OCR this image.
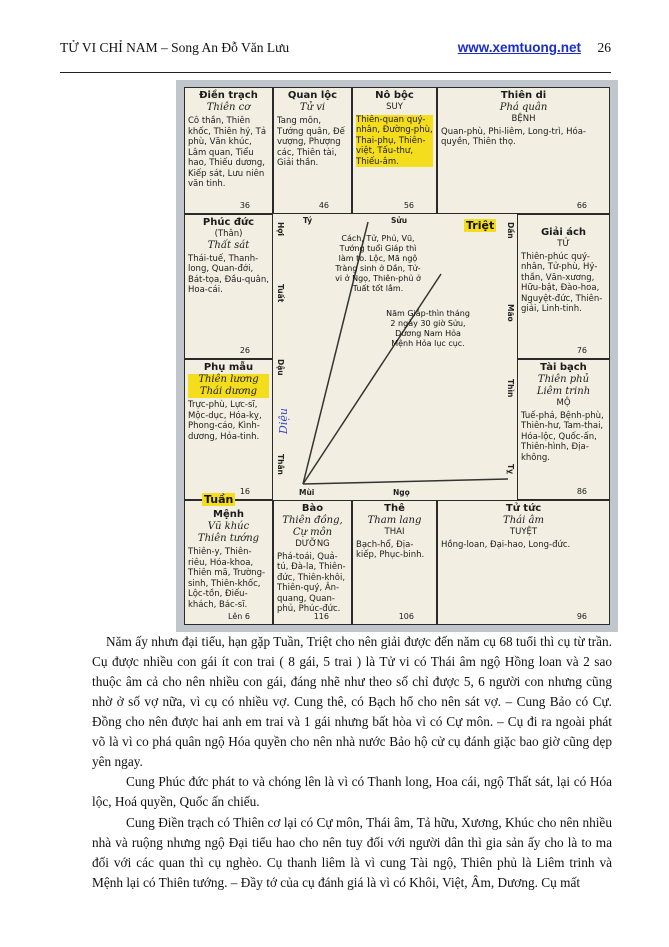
TỬ VI CHỈ NAM – Song An Đỗ Văn Lưu	www.xemtuong.net 26
Điền trạch
Thiên cơ
Cô thần, Thiên khốc, Thiên hỷ, Tả phù, Văn khúc, Lâm quan, Tiểu hao, Thiếu dương, Kiếp sát, Lưu niên văn tinh.
36
Quan lộc
Tử vi
Tang môn, Tướng quân, Đế vượng, Phượng các, Thiên tài, Giải thần.
46
Nô bộc
SUY
Thiên-quan quý-nhân, Đường-phù, Thai-phụ, Thiên-việt, Tấu-thư, Thiếu-âm.
56
Thiên di
Phá quân
BỆNH
Quan-phù, Phi-liêm, Long-trì, Hóa-quyền, Thiên thọ.
66
Phúc đức
(Thân)
Thất sát
Thái-tuế, Thanh-long, Quan-đới, Bát-tọa, Đầu-quân, Hoa-cái.
26
Phụ mẫu
Thiên lương
Thái dương
Trực-phù, Lực-sĩ, Mộc-dục, Hóa-kỵ, Phong-cáo, Kình-dương, Hỏa-tinh.
16
Giải ách
TỬ
Thiên-phúc quý-nhân, Tử-phù, Hỷ-thần, Văn-xương, Hữu-bật, Đào-hoa, Nguyệt-đức, Thiên-giải, Linh-tinh.
76
Tài bạch
Thiên phủ
Liêm trinh
MỘ
Tuế-phá, Bệnh-phù, Thiên-hư, Tam-thai, Hóa-lộc, Quốc-ấn, Thiên-hình, Địa-không.
86
Mệnh
Vũ khúc
Thiên tướng
Thiên-y, Thiên-riêu, Hóa-khoa, Thiên mã, Trường-sinh, Thiên-khốc, Lộc-tồn, Điếu-khách, Bác-sĩ.
Lên 6
Bào
Thiên đồng, Cự môn
DƯỠNG
Phá-toái, Quả-tú, Đà-la, Thiên-đức, Thiên-khôi, Thiên-quý, Ân-quang, Quan-phủ, Phúc-đức.
116
Thê
Tham lang
THAI
Bạch-hổ, Địa-kiếp, Phục-binh.
106
Tử tức
Thái âm
TUYỆT
Hồng-loan, Đại-hao, Long-đức.
96
Triệt
Tuần
Diệu
Hợi
Tý	Sửu
Dần
Tuất
Mão
Dậu
Thìn
Thân
Mùi	Ngọ
Tỵ
Cách, Tử, Phủ, Vũ, Tướng tuổi Giáp thì làm to. Lộc, Mã ngộ Tràng sinh ở Dần, Tử-vi ở Ngọ, Thiên-phủ ở Tuất tốt lắm.
Năm Giáp-thìn tháng 2 ngày 30 giờ Sửu, Dương Nam Hỏa Mệnh Hỏa lục cục.

Năm ấy nhưn đại tiểu, hạn gặp Tuần, Triệt cho nên giải được đến năm cụ 68 tuổi thì cụ từ trần. Cụ được nhiều con gái ít con trai ( 8 gái, 5 trai ) là Tử vi có Thái âm ngộ Hồng loan và 2 sao thuộc âm cả cho nên nhiều con gái, đáng nhẽ như theo số chỉ được 5, 6 người con nhưng cũng nhờ ở số vợ nữa, vì cụ có nhiều vợ. Cung thê, có Bạch hổ cho nên sát vợ. – Cung Bảo có Cự. Đồng cho nên được hai anh em trai và 1 gái nhưng bất hòa vì có Cự môn. – Cụ đi ra ngoài phát võ là vì co phá quân ngộ Hóa quyền cho nên nhà nước Bảo hộ cử cụ đánh giặc bao giờ cũng dẹp yên ngay.

Cung Phúc đức phát to và chóng lên là vì có Thanh long, Hoa cái, ngộ Thất sát, lại có Hóa lộc, Hoá quyền, Quốc ấn chiếu.

Cung Điền trạch có Thiên cơ lại có Cự môn, Thái âm, Tả hữu, Xương, Khúc cho nên nhiều nhà và ruộng nhưng ngộ Đại tiểu hao cho nên tuy đối với người dân thì gia sản ấy cho là to ma đối với các quan thì cụ nghèo. Cụ thanh liêm là vì cung Tài ngộ, Thiên phủ là Liêm trinh và Mệnh lại có Thiên tướng. – Đầy tớ của cụ đánh giá là vì có Khôi, Việt, Âm, Dương. Cụ mất
